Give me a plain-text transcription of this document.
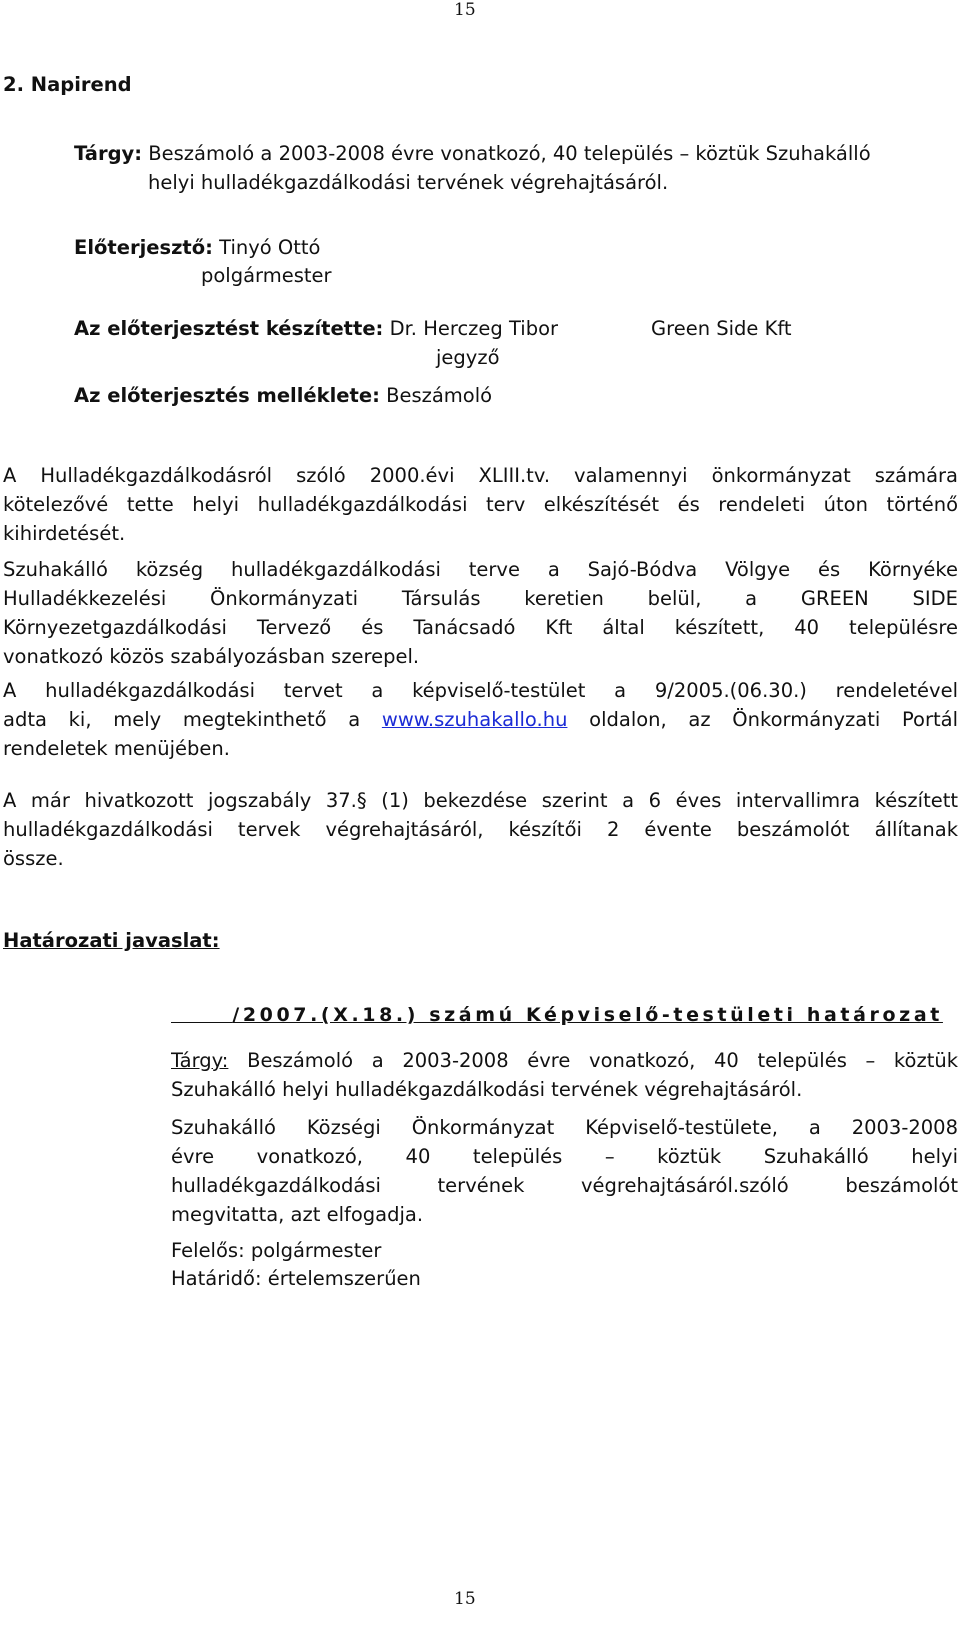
15
2. Napirend
Tárgy: Beszámoló a 2003-2008 évre vonatkozó, 40 település – köztük Szuhakálló
helyi hulladékgazdálkodási tervének végrehajtásáról.
Előterjesztő: Tinyó Ottó
polgármester
Az előterjesztést készítette: Dr. Herczeg Tibor
jegyző
Green Side Kft
Az előterjesztés melléklete: Beszámoló
A Hulladékgazdálkodásról szóló 2000.évi XLIII.tv. valamennyi önkormányzat számára
kötelezővé tette helyi hulladékgazdálkodási terv elkészítését és rendeleti úton történő
kihirdetését.
Szuhakálló község hulladékgazdálkodási terve a Sajó-Bódva Völgye és Környéke
Hulladékkezelési Önkormányzati Társulás keretien belül, a GREEN SIDE
Környezetgazdálkodási Tervező és Tanácsadó Kft által készített, 40 településre
vonatkozó közös szabályozásban szerepel.
A hulladékgazdálkodási tervet a képviselő-testület a 9/2005.(06.30.) rendeletével
adta ki, mely megtekinthető a www.szuhakallo.hu oldalon, az Önkormányzati Portál
rendeletek menüjében.
A már hivatkozott jogszabály 37.§ (1) bekezdése szerint a 6 éves intervallimra készített
hulladékgazdálkodási tervek végrehajtásáról, készítői 2 évente beszámolót állítanak
össze.
Határozati javaslat:
/2007.(X.18.) számú Képviselő-testületi határozat
Tárgy: Beszámoló a 2003-2008 évre vonatkozó, 40 település – köztük
Szuhakálló helyi hulladékgazdálkodási tervének végrehajtásáról.
Szuhakálló Községi Önkormányzat Képviselő-testülete, a 2003-2008
évre vonatkozó, 40 település – köztük Szuhakálló helyi
hulladékgazdálkodási tervének végrehajtásáról.szóló beszámolót
megvitatta, azt elfogadja.
Felelős: polgármester
Határidő: értelemszerűen
15
